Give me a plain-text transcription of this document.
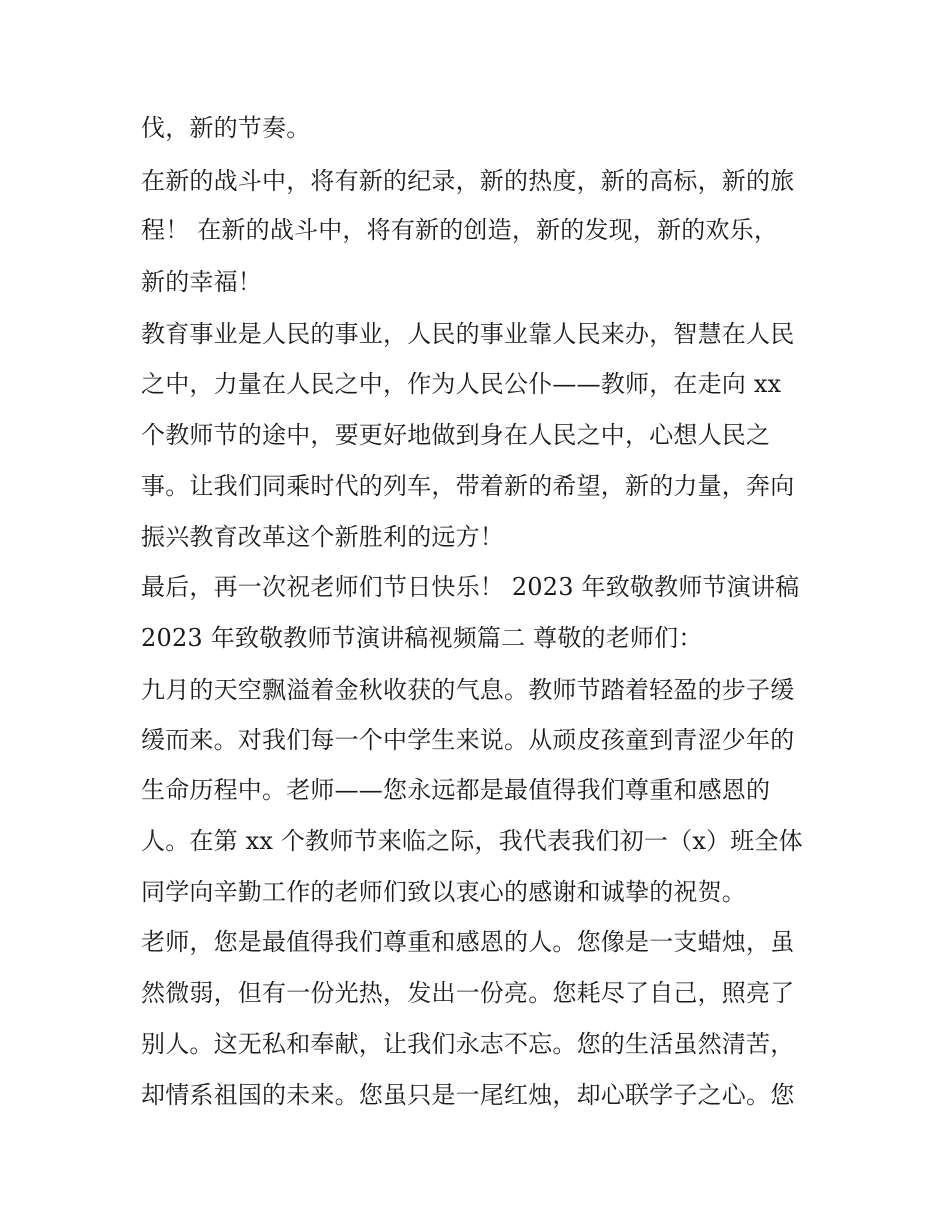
伐，新的节奏。
在新的战斗中，将有新的纪录，新的热度，新的高标，新的旅
程！ 在新的战斗中，将有新的创造，新的发现，新的欢乐，
新的幸福！
教育事业是人民的事业，人民的事业靠人民来办，智慧在人民
之中，力量在人民之中，作为人民公仆——教师，在走向 xx
个教师节的途中，要更好地做到身在人民之中，心想人民之
事。让我们同乘时代的列车，带着新的希望，新的力量，奔向
振兴教育改革这个新胜利的远方！
最后，再一次祝老师们节日快乐！ 2023 年致敬教师节演讲稿
2023 年致敬教师节演讲稿视频篇二 尊敬的老师们：
九月的天空飘溢着金秋收获的气息。教师节踏着轻盈的步子缓
缓而来。对我们每一个中学生来说。从顽皮孩童到青涩少年的
生命历程中。老师——您永远都是最值得我们尊重和感恩的
人。在第 xx 个教师节来临之际，我代表我们初一（x）班全体
同学向辛勤工作的老师们致以衷心的感谢和诚挚的祝贺。
老师，您是最值得我们尊重和感恩的人。您像是一支蜡烛，虽
然微弱，但有一份光热，发出一份亮。您耗尽了自己，照亮了
别人。这无私和奉献，让我们永志不忘。您的生活虽然清苦，
却情系祖国的未来。您虽只是一尾红烛，却心联学子之心。您
